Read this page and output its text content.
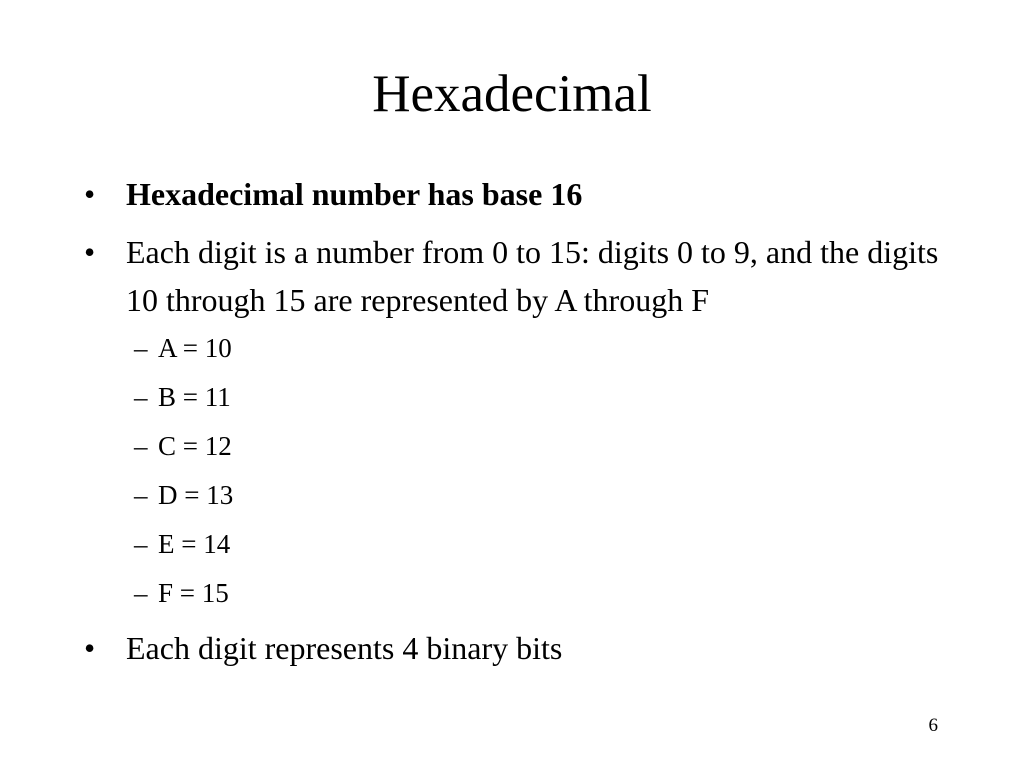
Hexadecimal
• Hexadecimal number has base 16
• Each digit is a number from 0 to 15: digits 0 to 9, and the digits 10 through 15 are represented by A through F
– A = 10
– B = 11
– C = 12
– D = 13
– E = 14
– F = 15
• Each digit represents 4 binary bits
6
